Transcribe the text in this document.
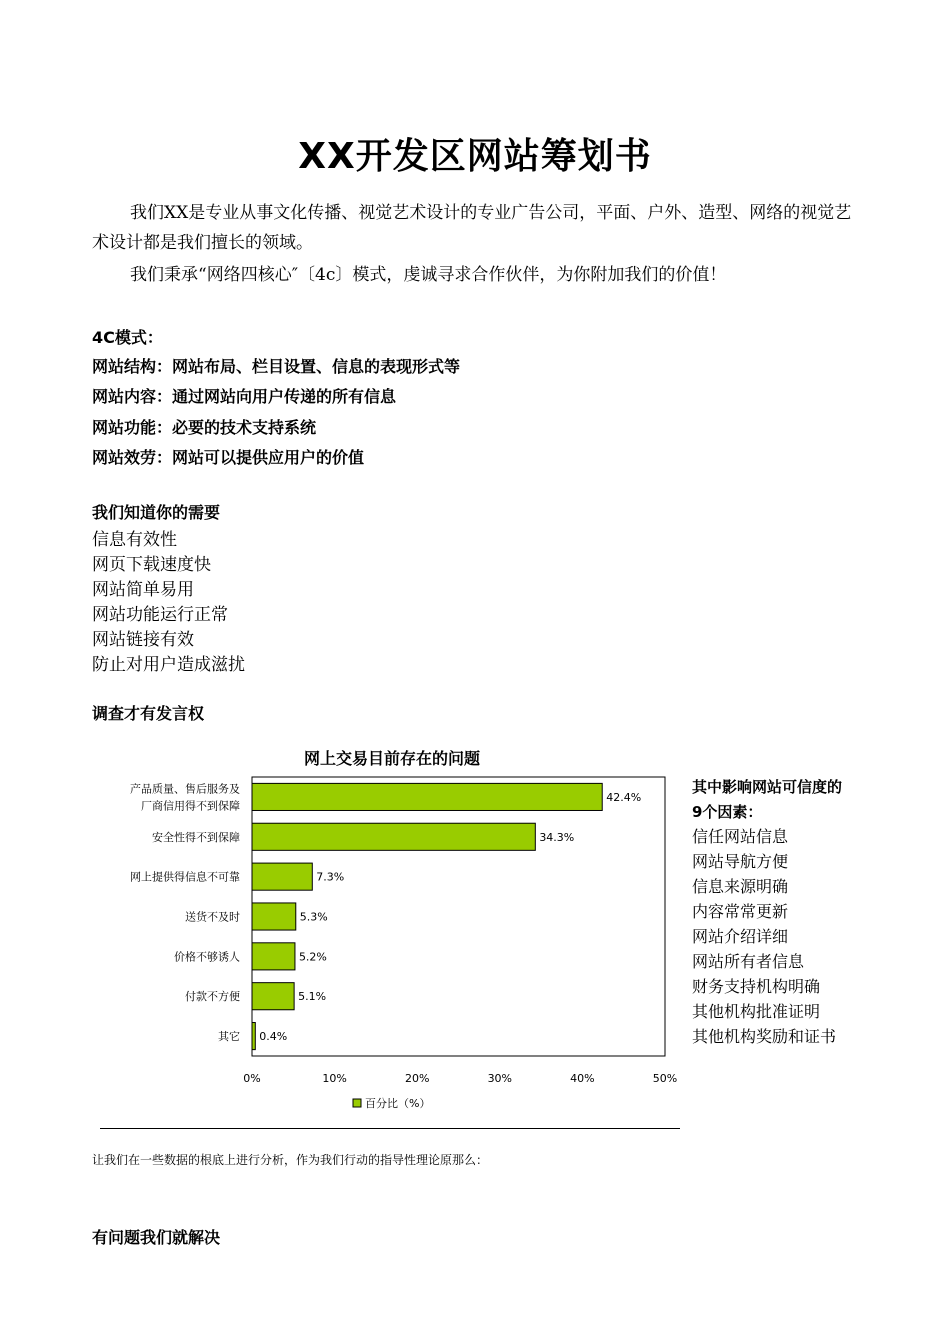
XX开发区网站筹划书
我们XX是专业从事文化传播、视觉艺术设计的专业广告公司，平面、户外、造型、网络的视觉艺术设计都是我们擅长的领域。
我们秉承“网络四核心″〔4c〕模式，虔诚寻求合作伙伴，为你附加我们的价值！
4C模式：
网站结构：网站布局、栏目设置、信息的表现形式等
网站内容：通过网站向用户传递的所有信息
网站功能：必要的技术支持系统
网站效劳：网站可以提供应用户的价值
我们知道你的需要
信息有效性
网页下载速度快
网站简单易用
网站功能运行正常
网站链接有效
防止对用户造成滋扰
调查才有发言权
网上交易目前存在的问题
42.4%
产品质量、售后服务及
厂商信用得不到保障
34.3%
安全性得不到保障
7.3%
网上提供得信息不可靠
5.3%
送货不及时
5.2%
价格不够诱人
5.1%
付款不方便
0.4%
其它
0%	10%	20%	30%	40%	50%
百分比（%）
其中影响网站可信度的
9个因素：
信任网站信息
网站导航方便
信息来源明确
内容常常更新
网站介绍详细
网站所有者信息
财务支持机构明确
其他机构批准证明
其他机构奖励和证书
让我们在一些数据的根底上进行分析，作为我们行动的指导性理论原那么：
有问题我们就解决
